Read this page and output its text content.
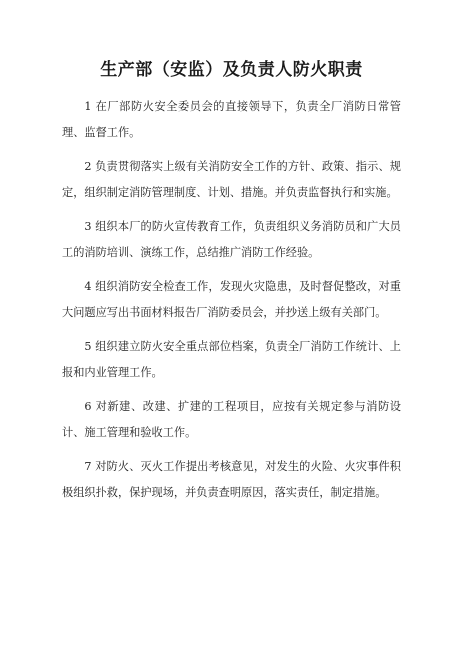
生产部（安监）及负责人防火职责

1 在厂部防火安全委员会的直接领导下，负责全厂消防日常管理、监督工作。

2 负责贯彻落实上级有关消防安全工作的方针、政策、指示、规定，组织制定消防管理制度、计划、措施。并负责监督执行和实施。

3 组织本厂的防火宣传教育工作，负责组织义务消防员和广大员工的消防培训、演练工作，总结推广消防工作经验。

4 组织消防安全检查工作，发现火灾隐患，及时督促整改，对重大问题应写出书面材料报告厂消防委员会，并抄送上级有关部门。

5 组织建立防火安全重点部位档案，负责全厂消防工作统计、上报和内业管理工作。

6 对新建、改建、扩建的工程项目，应按有关规定参与消防设计、施工管理和验收工作。

7 对防火、灭火工作提出考核意见，对发生的火险、火灾事件积极组织扑救，保护现场，并负责查明原因，落实责任，制定措施。
